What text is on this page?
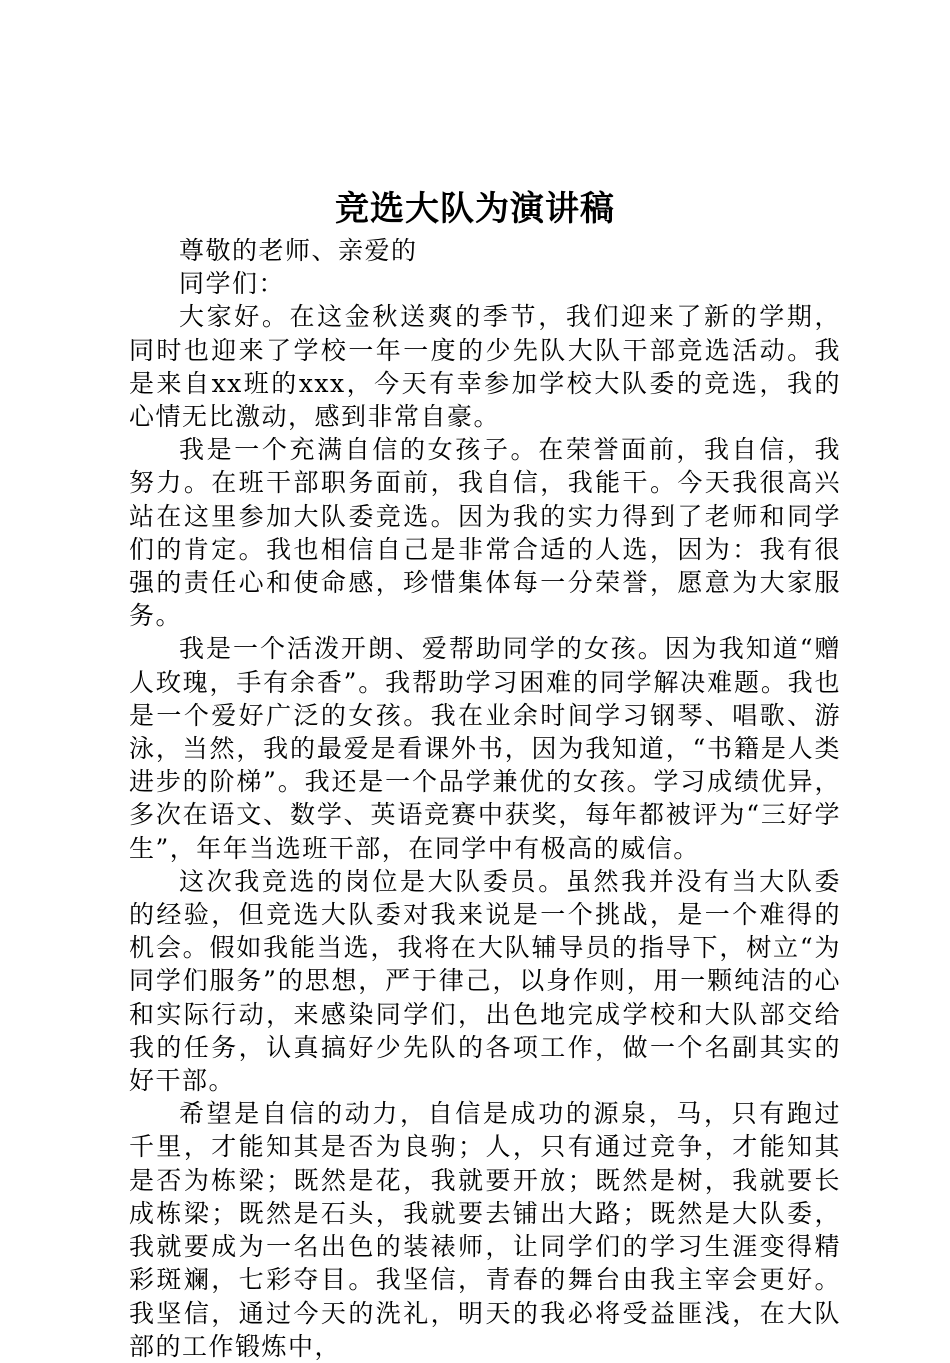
竞选大队为演讲稿

尊敬的老师、亲爱的

同学们：

大家好。在这金秋送爽的季节，我们迎来了新的学期，同时也迎来了学校一年一度的少先队大队干部竞选活动。我是来自xx班的xxx，今天有幸参加学校大队委的竞选，我的心情无比激动，感到非常自豪。

我是一个充满自信的女孩子。在荣誉面前，我自信，我努力。在班干部职务面前，我自信，我能干。今天我很高兴站在这里参加大队委竞选。因为我的实力得到了老师和同学们的肯定。我也相信自己是非常合适的人选，因为：我有很强的责任心和使命感，珍惜集体每一分荣誉，愿意为大家服务。

我是一个活泼开朗、爱帮助同学的女孩。因为我知道“赠人玫瑰，手有余香”。我帮助学习困难的同学解决难题。我也是一个爱好广泛的女孩。我在业余时间学习钢琴、唱歌、游泳，当然，我的最爱是看课外书，因为我知道，“书籍是人类进步的阶梯”。我还是一个品学兼优的女孩。学习成绩优异，多次在语文、数学、英语竞赛中获奖，每年都被评为“三好学生”，年年当选班干部，在同学中有极高的威信。

这次我竞选的岗位是大队委员。虽然我并没有当大队委的经验，但竞选大队委对我来说是一个挑战，是一个难得的机会。假如我能当选，我将在大队辅导员的指导下，树立“为同学们服务”的思想，严于律己，以身作则，用一颗纯洁的心和实际行动，来感染同学们，出色地完成学校和大队部交给我的任务，认真搞好少先队的各项工作，做一个名副其实的好干部。

希望是自信的动力，自信是成功的源泉，马，只有跑过千里，才能知其是否为良驹；人，只有通过竞争，才能知其是否为栋梁；既然是花，我就要开放；既然是树，我就要长成栋梁；既然是石头，我就要去铺出大路；既然是大队委，我就要成为一名出色的装裱师，让同学们的学习生涯变得精彩斑斓，七彩夺目。我坚信，青春的舞台由我主宰会更好。我坚信，通过今天的洗礼，明天的我必将受益匪浅，在大队部的工作锻炼中，
